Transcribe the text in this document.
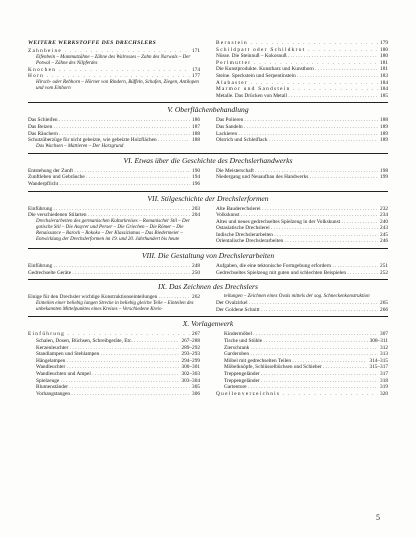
WEITERE WERKSTOFFE DES DRECHSLERS
Zahnbeine . . .	171
Elfenbein – Mammutzähne – Zähne des Walrosses – Zahn des Narwals – Der Potwal – Zähne des Nilpferdes
Knochen . . .	174
Horn . . .	177
Hirsch- oder Rehhorn – Hörner von Rindern, Büffeln, Schafen, Ziegen, Antilopen und vom Einhorn
Bernstein . . .	179
Schildpatt oder Schildkrot . . .	180
Nüsse. Die Steinnuß – Kokosnuß . . .	180
Perlmutter . . .	181
Die Kunstprodukte. Kunstharz und Kunsthorn . . .	181
Steine. Speckstein und Serpentinstein . . .	183
Alabaster . . .	184
Marmor und Sandstein . . .	184
Metalle. Das Drücken von Metall . . .	185
V. Oberflächenbehandlung
Das Schleifen . . .	186
Das Beizen . . .	187
Das Räuchern . . .	188
Schutzüberzüge für nicht gebeizte, wie gebeizte Holzflächen . . .	188
Das Wachsen – Mattieren – Der Harzgrund
Das Polieren . . .	188
Das Sandeln . . .	189
Lackieren . . .	189
Ölstrich und Schleiflack . . .	189
VI. Etwas über die Geschichte des Drechslerhandwerks
Entstehung der Zunft . . .	190
Zunftleben und Gebräuche . . .	194
Wanderpflicht . . .	196
Die Meisterschaft . . .	198
Niedergang und Neuaufbau des Handwerks . . .	199
VII. Stilgeschichte der Drechslerformen
Einführung . . .	203
Die verschiedenen Stilarten . . .	204
Drechslerarbeiten des germanischen Kulturkreises – Romanischer Stil – Der gotische Stil – Die Assyrer und Perser – Die Griechen – Die Römer – Die Renaissance – Barock – Rokoko – Der Klassizismus – Das Biedermeier – Entwicklung der Drechslerformen im 19. und 20. Jahrhundert bis heute
Alte Bauderechslerei . . .	232
Volkskunst . . .	234
Altes und neues gedrechseltes Spielzeug in der Volkskunst . . .	240
Ostasiatische Drechslerei . . .	243
Indische Drechslerarbeiten . . .	245
Orientalische Drechslerarbeiten . . .	246
VIII. Die Gestaltung von Drechslerarbeiten
Einführung . . .	248
Gedrechselte Geräte . . .	250
Aufgaben, die eine tektonische Formgebung erfordern . . .	251
Gedrechseltes Spielzeug mit guten und schlechten Beispielen . . .	252
IX. Das Zeichnen des Drechslers
Einige für den Drechsler wichtige Konstruktionseinteilungen . . .	262
Einteilen einer beliebig langen Strecke in beliebig gleiche Teile – Einteilen des unbekannten Mittelpunktes eines Kreises – Verschiedene Kreis-
teilungen – Zeichnen eines Ovals mittels der sog. Schneckenkonstruktion
Der Ovalzirkel . . .	265
Der Goldene Schnitt . . .	266
X. Vorlagenwerk
Einführung . . .	267
Schalen, Dosen, Büchsen, Schreibgeräte, Etc. . . .	267–288
Kerzenleuchter . . .	289–292
Standlampen und Stehlampen . . .	293–293
Hängelampen . . .	294–299
Wandleuchter . . .	300–301
Wandleuchten und Ampel . . .	302–303
Spielzeuge . . .	303–304
Blumenständer . . .	305
Vorhangstangen . . .	306
Kindermöbel . . .	307
Tische und Stühle . . .	308–311
Zierschrank . . .	312
Garderoben . . .	313
Möbel mit gedrechselten Teilen . . .	314–315
Möbelknöpfe, Schlüsselbüchsen und Schieber . . .	315–317
Treppengeländer . . .	317
Treppengeländer . . .	318
Gartentore . . .	319
Quellenverzeichnis . . .	320
5
